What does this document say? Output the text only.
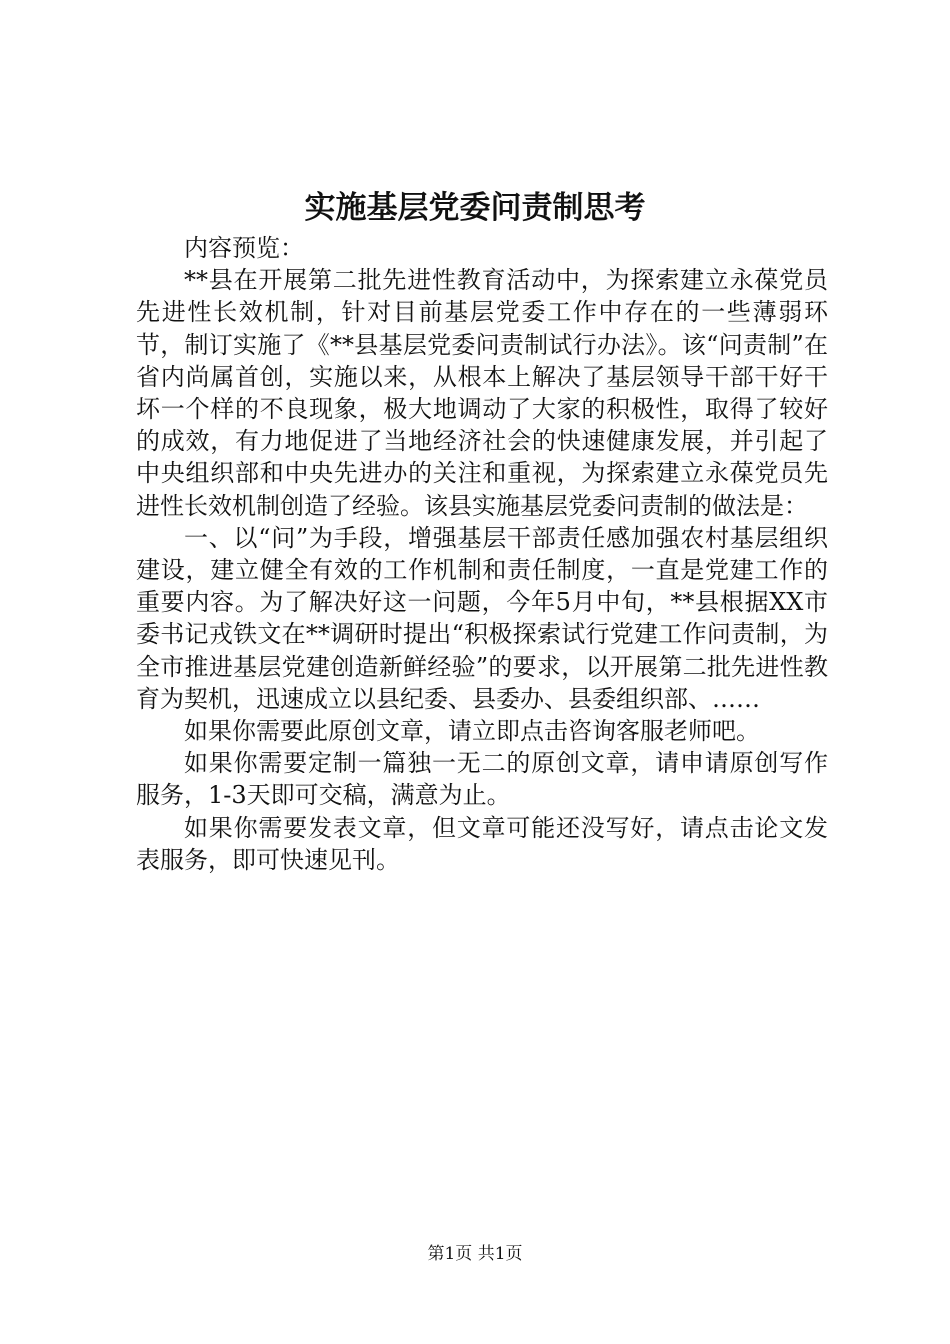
实施基层党委问责制思考

内容预览：

**县在开展第二批先进性教育活动中，为探索建立永葆党员先进性长效机制，针对目前基层党委工作中存在的一些薄弱环节，制订实施了《**县基层党委问责制试行办法》。该“问责制”在省内尚属首创，实施以来，从根本上解决了基层领导干部干好干坏一个样的不良现象，极大地调动了大家的积极性，取得了较好的成效，有力地促进了当地经济社会的快速健康发展，并引起了中央组织部和中央先进办的关注和重视，为探索建立永葆党员先进性长效机制创造了经验。该县实施基层党委问责制的做法是：

一、以“问”为手段，增强基层干部责任感加强农村基层组织建设，建立健全有效的工作机制和责任制度，一直是党建工作的重要内容。为了解决好这一问题，今年5月中旬，**县根据XX市委书记戎铁文在**调研时提出“积极探索试行党建工作问责制，为全市推进基层党建创造新鲜经验”的要求，以开展第二批先进性教育为契机，迅速成立以县纪委、县委办、县委组织部、……

如果你需要此原创文章，请立即点击咨询客服老师吧。

如果你需要定制一篇独一无二的原创文章，请申请原创写作服务，1-3天即可交稿，满意为止。

如果你需要发表文章，但文章可能还没写好，请点击论文发表服务，即可快速见刊。

第1页 共1页
